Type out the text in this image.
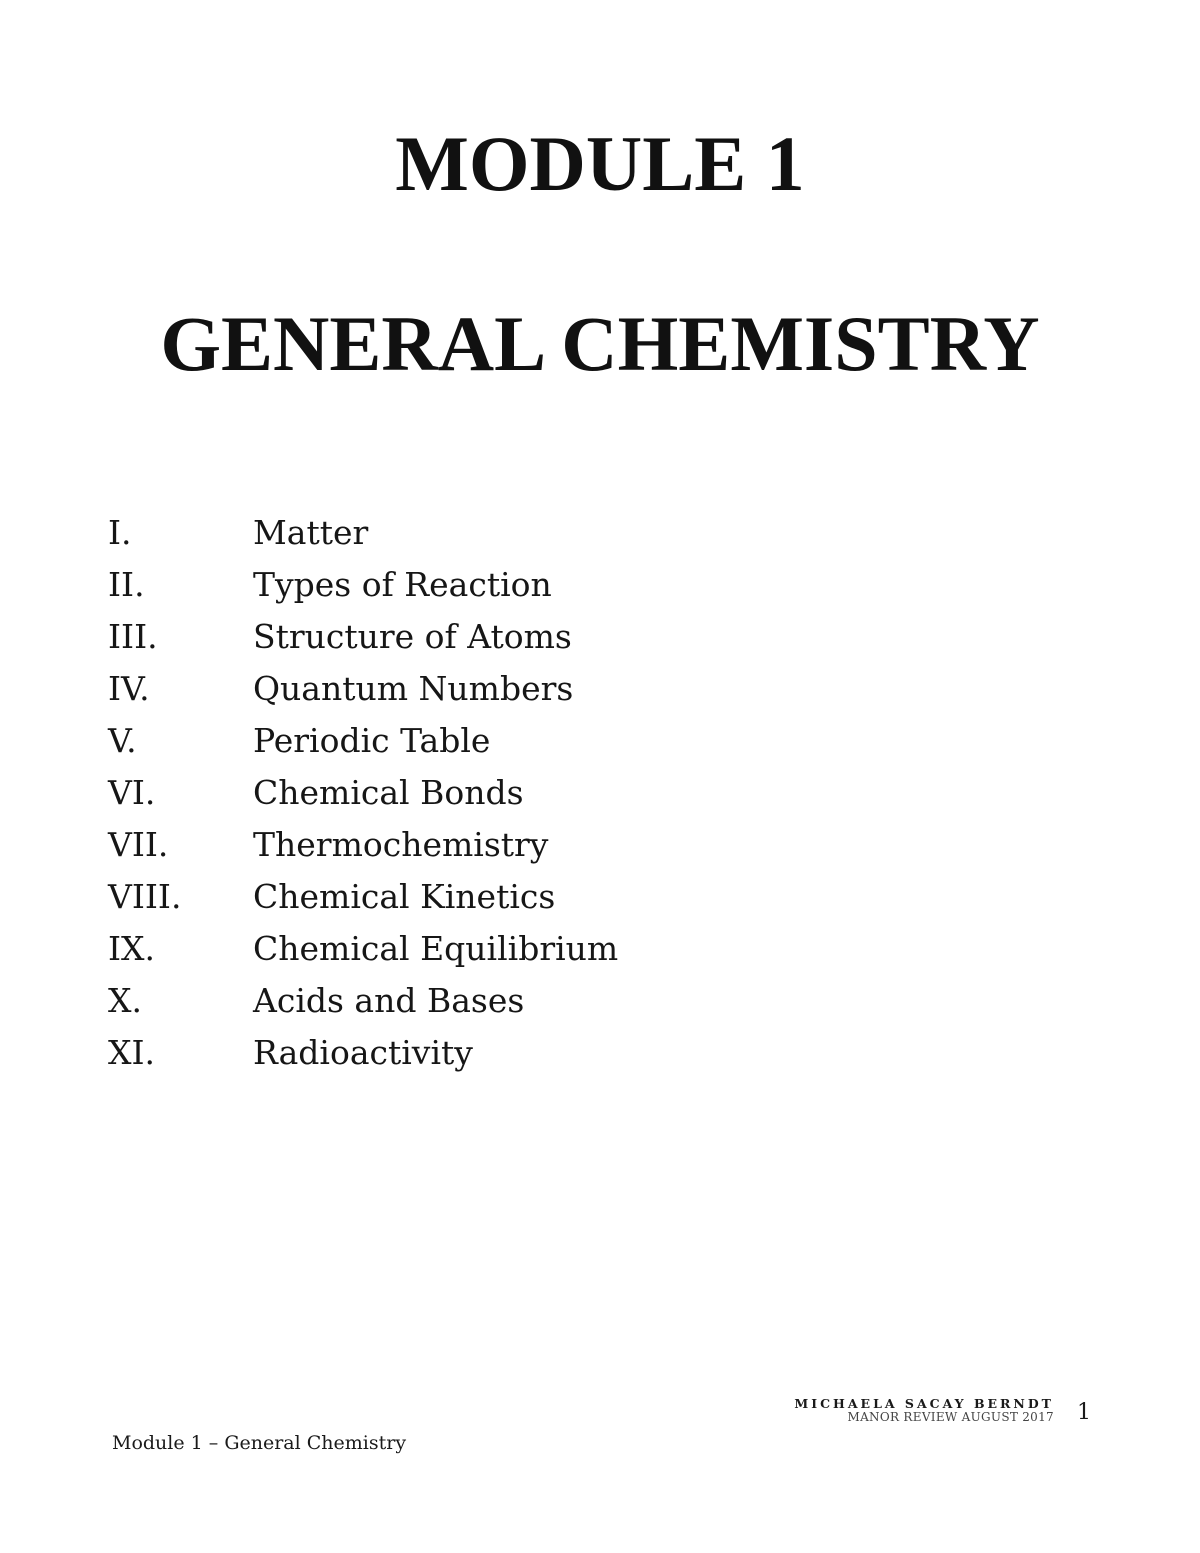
MODULE 1
GENERAL CHEMISTRY
I.	Matter
II.	Types of Reaction
III.	Structure of Atoms
IV.	Quantum Numbers
V.	Periodic Table
VI.	Chemical Bonds
VII.	Thermochemistry
VIII.	Chemical Kinetics
IX.	Chemical Equilibrium
X.	Acids and Bases
XI.	Radioactivity
MICHAELA SACAY BERNDT
MANOR REVIEW AUGUST 2017 1
Module 1 – General Chemistry
